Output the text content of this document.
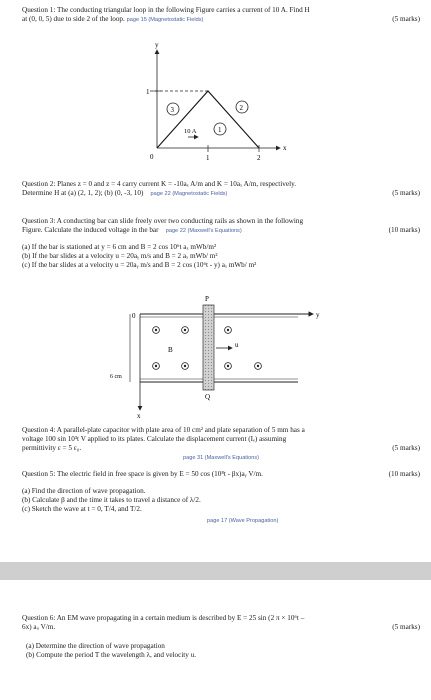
Question 1: The conducting triangular loop in the following Figure carries a current of 10 A. Find H
at (0, 0, 5) due to side 2 of the loop. page 15 (Magnetostatic Fields)	(5 marks)
y
x
0	1	2
1
10 A
3	2
1
Question 2: Planes z = 0 and z = 4 carry current K = -10aₓ A/m and K = 10aₓ A/m, respectively.
Determine H at (a) (2, 1, 2); (b) (0, -3, 10) page 22 (Magnetostatic Fields)	(5 marks)
Question 3: A conducting bar can slide freely over two conducting rails as shown in the following
Figure. Calculate the induced voltage in the bar page 22 (Maxwell's Equations)	(10 marks)
(a) If the bar is stationed at y = 6 cm and B = 2 cos 10⁶t aₓ mWb/m²
(b) If the bar slides at a velocity u = 20aᵧ m/s and B = 2 aₓ mWb/ m²
(c) If the bar slides at a velocity u = 20aᵧ m/s and B = 2 cos (10⁶t - y) aₓ mWb/ m²
0	y
x
P
Q
B
u
6 cm
Question 4: A parallel-plate capacitor with plate area of 10 cm² and plate separation of 5 mm has a
voltage 100 sin 10³t V applied to its plates. Calculate the displacement current (Iₑ) assuming
permittivity ε = 5 ε₀.	(5 marks)
page 31 (Maxwell's Equations)
Question 5: The electric field in free space is given by E = 50 cos (10⁸t - βx)aᵧ V/m.	(10 marks)
(a) Find the direction of wave propagation.
(b) Calculate β and the time it takes to travel a distance of λ/2.
(c) Sketch the wave at t = 0, T/4, and T/2.
page 17 (Wave Propagation)
Question 6: An EM wave propagating in a certain medium is described by E = 25 sin (2 π × 10⁶t –
6x) aᵤ V/m.	(5 marks)
(a) Determine the direction of wave propagation
(b) Compute the period T the wavelength λ, and velocity u.
